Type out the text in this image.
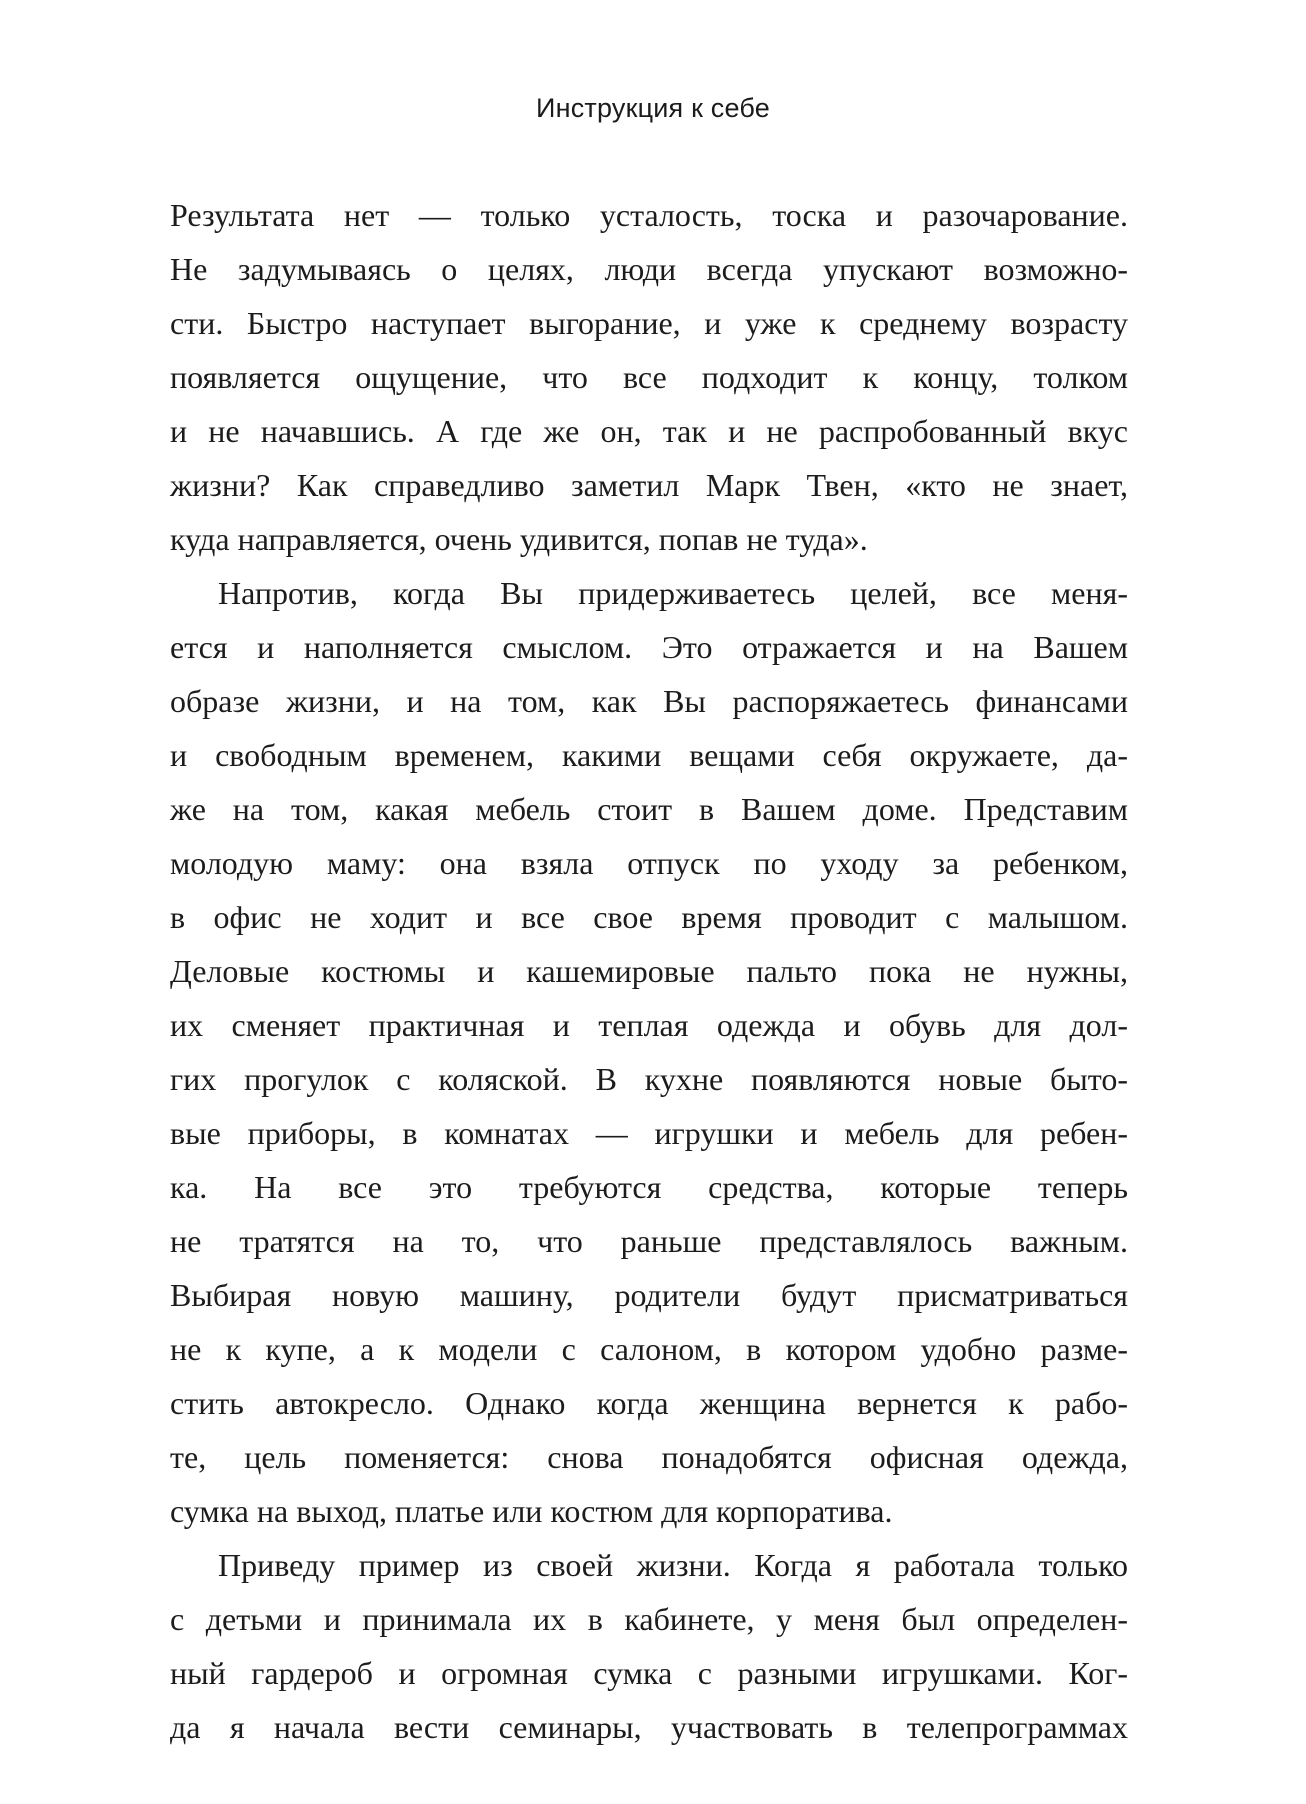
Инструкция к себе
Результата нет — только усталость, тоска и разочарование.
Не задумываясь о целях, люди всегда упускают возможно-
сти. Быстро наступает выгорание, и уже к среднему возрасту
появляется ощущение, что все подходит к концу, толком
и не начавшись. А где же он, так и не распробованный вкус
жизни? Как справедливо заметил Марк Твен, «кто не знает,
куда направляется, очень удивится, попав не туда».
Напротив, когда Вы придерживаетесь целей, все меня-
ется и наполняется смыслом. Это отражается и на Вашем
образе жизни, и на том, как Вы распоряжаетесь финансами
и свободным временем, какими вещами себя окружаете, да-
же на том, какая мебель стоит в Вашем доме. Представим
молодую маму: она взяла отпуск по уходу за ребенком,
в офис не ходит и все свое время проводит с малышом.
Деловые костюмы и кашемировые пальто пока не нужны,
их сменяет практичная и теплая одежда и обувь для дол-
гих прогулок с коляской. В кухне появляются новые быто-
вые приборы, в комнатах — игрушки и мебель для ребен-
ка. На все это требуются средства, которые теперь
не тратятся на то, что раньше представлялось важным.
Выбирая новую машину, родители будут присматриваться
не к купе, а к модели с салоном, в котором удобно разме-
стить автокресло. Однако когда женщина вернется к рабо-
те, цель поменяется: снова понадобятся офисная одежда,
сумка на выход, платье или костюм для корпоратива.
Приведу пример из своей жизни. Когда я работала только
с детьми и принимала их в кабинете, у меня был определен-
ный гардероб и огромная сумка с разными игрушками. Ког-
да я начала вести семинары, участвовать в телепрограммах
